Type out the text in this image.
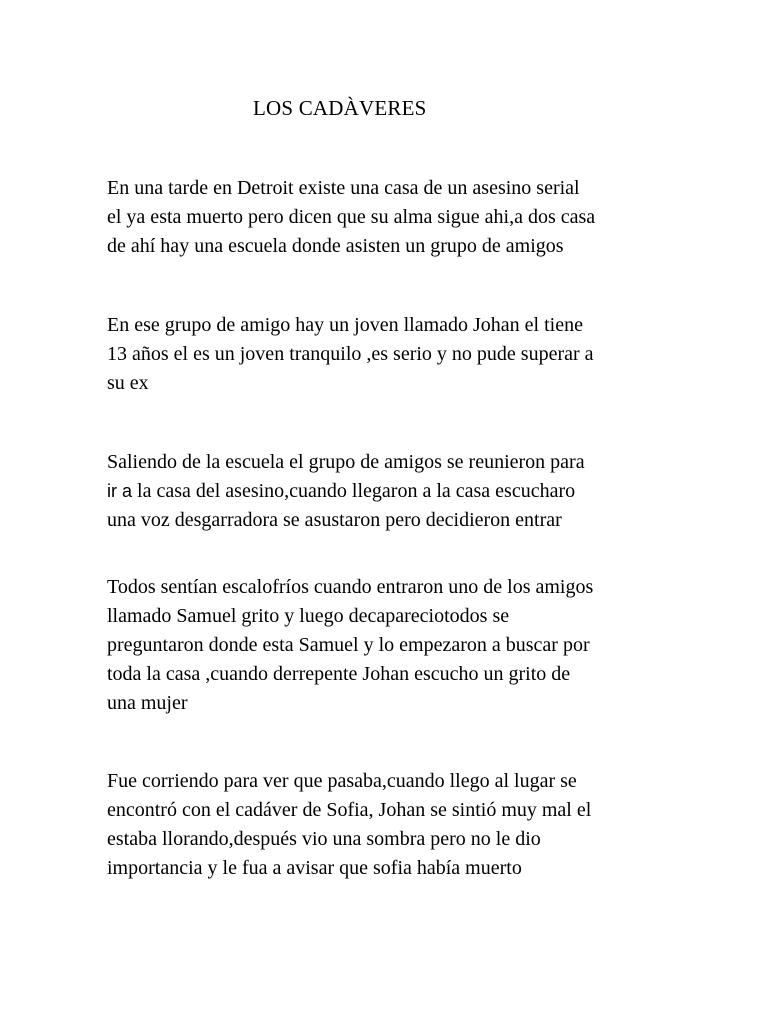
LOS CADÀVERES
En una tarde en Detroit existe una casa de un asesino serial
el ya esta muerto pero dicen que su alma sigue ahi,a dos casa
de ahí hay una escuela donde asisten un grupo de amigos
En ese grupo de amigo hay un joven llamado Johan el tiene
13 años el es un joven tranquilo ,es serio y no pude superar a
su ex
Saliendo de la escuela el grupo de amigos se reunieron para
ir a la casa del asesino,cuando llegaron a la casa escucharo
una voz desgarradora se asustaron pero decidieron entrar
Todos sentían escalofríos cuando entraron uno de los amigos
llamado Samuel grito y luego decapareciotodos se
preguntaron donde esta Samuel y lo empezaron a buscar por
toda la casa ,cuando derrepente Johan escucho un grito de
una mujer
Fue corriendo para ver que pasaba,cuando llego al lugar se
encontró con el cadáver de Sofia, Johan se sintió muy mal el
estaba llorando,después vio una sombra pero no le dio
importancia y le fua a avisar que sofia había muerto
